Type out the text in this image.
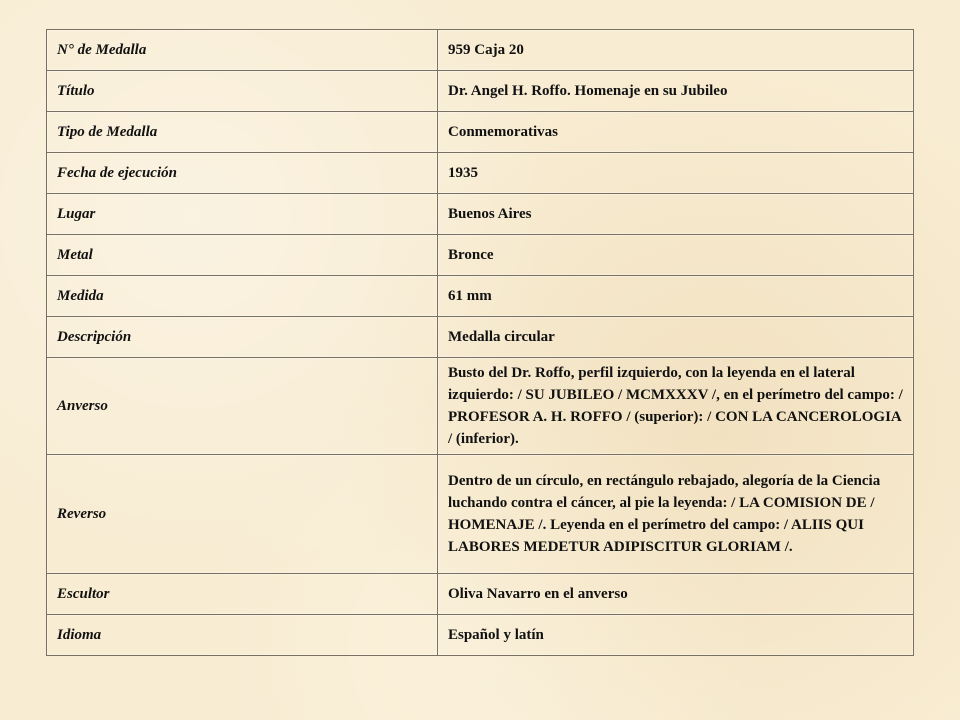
N° de Medalla	959 Caja 20
Título	Dr. Angel H. Roffo. Homenaje en su Jubileo
Tipo de Medalla	Conmemorativas
Fecha de ejecución	1935
Lugar	Buenos Aires
Metal	Bronce
Medida	61 mm
Descripción	Medalla circular
Anverso	Busto del Dr. Roffo, perfil izquierdo, con la leyenda en el lateral izquierdo: / SU JUBILEO / MCMXXXV /, en el perímetro del campo: / PROFESOR A. H. ROFFO / (superior): / CON LA CANCEROLOGIA / (inferior).
Reverso	Dentro de un círculo, en rectángulo rebajado, alegoría de la Ciencia luchando contra el cáncer, al pie la leyenda: / LA COMISION DE / HOMENAJE /. Leyenda en el perímetro del campo: / ALIIS QUI LABORES MEDETUR ADIPISCITUR GLORIAM /.
Escultor	Oliva Navarro en el anverso
Idioma	Español y latín
